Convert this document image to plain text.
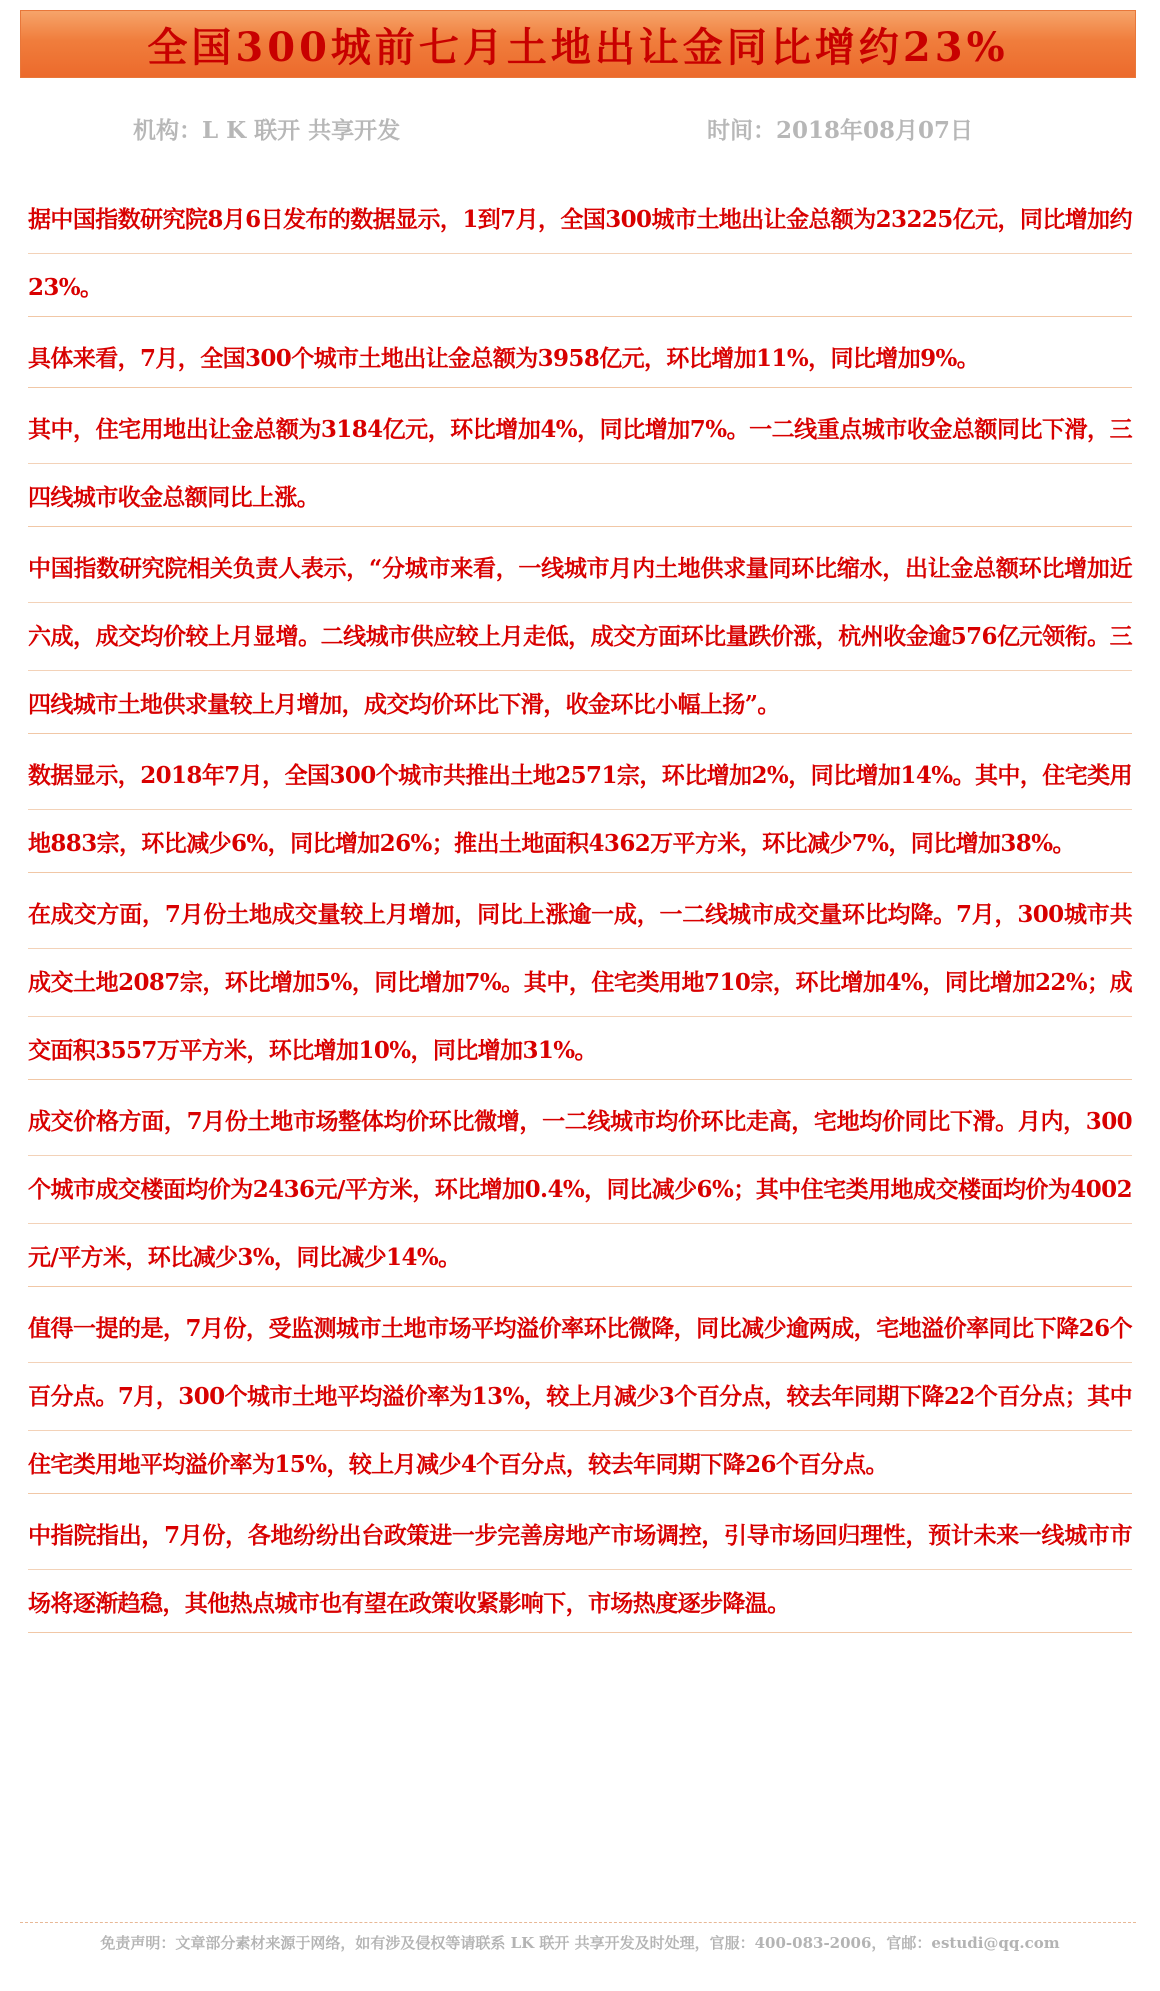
全国300城前七月土地出让金同比增约23%
机构：L K 联开 共享开发	时间：2018年08月07日

据中国指数研究院8月6日发布的数据显示，1到7月，全国300城市土地出让金总额为23225亿元，同比增加约23%。

具体来看，7月，全国300个城市土地出让金总额为3958亿元，环比增加11%，同比增加9%。

其中，住宅用地出让金总额为3184亿元，环比增加4%，同比增加7%。一二线重点城市收金总额同比下滑，三四线城市收金总额同比上涨。

中国指数研究院相关负责人表示，“分城市来看，一线城市月内土地供求量同环比缩水，出让金总额环比增加近六成，成交均价较上月显增。二线城市供应较上月走低，成交方面环比量跌价涨，杭州收金逾576亿元领衔。三四线城市土地供求量较上月增加，成交均价环比下滑，收金环比小幅上扬”。

数据显示，2018年7月，全国300个城市共推出土地2571宗，环比增加2%，同比增加14%。其中，住宅类用地883宗，环比减少6%，同比增加26%；推出土地面积4362万平方米，环比减少7%，同比增加38%。

在成交方面，7月份土地成交量较上月增加，同比上涨逾一成，一二线城市成交量环比均降。7月，300城市共成交土地2087宗，环比增加5%，同比增加7%。其中，住宅类用地710宗，环比增加4%，同比增加22%；成交面积3557万平方米，环比增加10%，同比增加31%。

成交价格方面，7月份土地市场整体均价环比微增，一二线城市均价环比走高，宅地均价同比下滑。月内，300个城市成交楼面均价为2436元/平方米，环比增加0.4%，同比减少6%；其中住宅类用地成交楼面均价为4002元/平方米，环比减少3%，同比减少14%。

值得一提的是，7月份，受监测城市土地市场平均溢价率环比微降，同比减少逾两成，宅地溢价率同比下降26个百分点。7月，300个城市土地平均溢价率为13%，较上月减少3个百分点，较去年同期下降22个百分点；其中住宅类用地平均溢价率为15%，较上月减少4个百分点，较去年同期下降26个百分点。

中指院指出，7月份，各地纷纷出台政策进一步完善房地产市场调控，引导市场回归理性，预计未来一线城市市场将逐渐趋稳，其他热点城市也有望在政策收紧影响下，市场热度逐步降温。

免责声明：文章部分素材来源于网络，如有涉及侵权等请联系 LK 联开 共享开发及时处理，官服：400-083-2006，官邮：estudi@qq.com
